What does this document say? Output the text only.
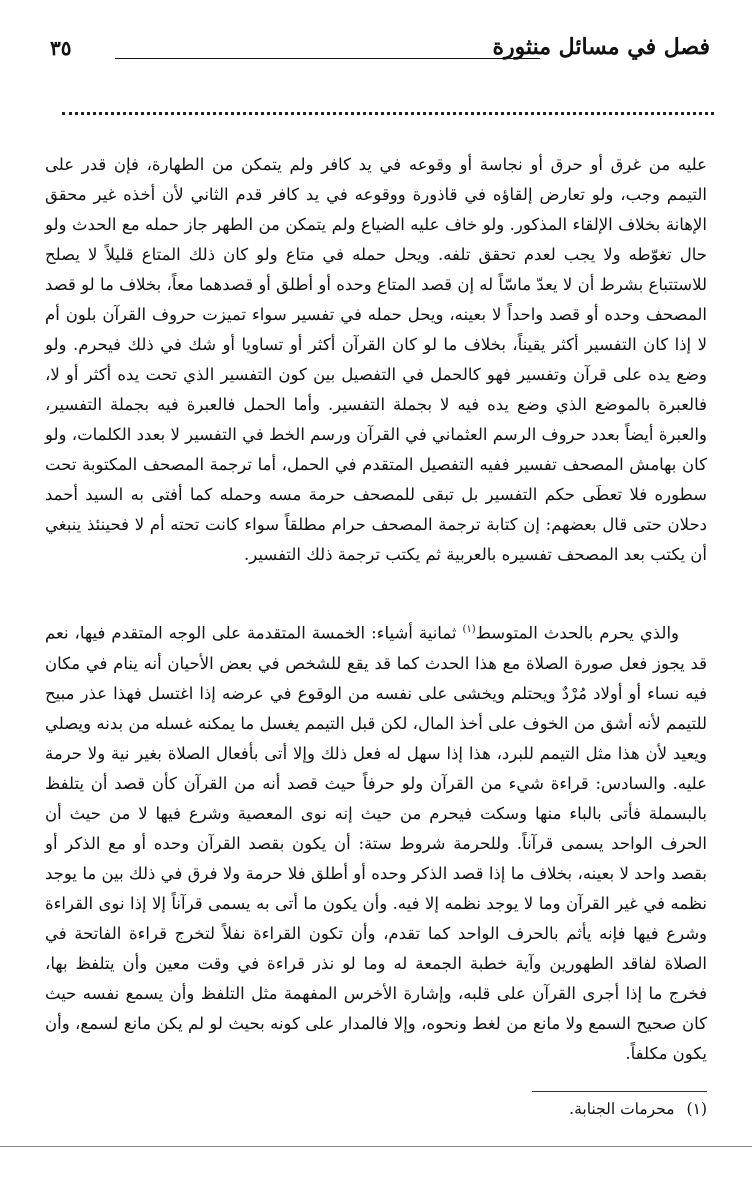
فصل في مسائل منثورة
٣٥

عليه من غرق أو حرق أو نجاسة أو وقوعه في يد كافر ولم يتمكن من الطهارة، فإن قدر على التيمم وجب، ولو تعارض إلقاؤه في قاذورة ووقوعه في يد كافر قدم الثاني لأن أخذه غير محقق الإهانة بخلاف الإلقاء المذكور. ولو خاف عليه الضياع ولم يتمكن من الطهر جاز حمله مع الحدث ولو حال تغوّطه ولا يجب لعدم تحقق تلفه. ويحل حمله في متاع ولو كان ذلك المتاع قليلاً لا يصلح للاستتباع بشرط أن لا يعدّ ماسّاً له إن قصد المتاع وحده أو أطلق أو قصدهما معاً، بخلاف ما لو قصد المصحف وحده أو قصد واحداً لا بعينه، ويحل حمله في تفسير سواء تميزت حروف القرآن بلون أم لا إذا كان التفسير أكثر يقيناً، بخلاف ما لو كان القرآن أكثر أو تساويا أو شك في ذلك فيحرم. ولو وضع يده على قرآن وتفسير فهو كالحمل في التفصيل بين كون التفسير الذي تحت يده أكثر أو لا، فالعبرة بالموضع الذي وضع يده فيه لا بجملة التفسير. وأما الحمل فالعبرة فيه بجملة التفسير، والعبرة أيضاً بعدد حروف الرسم العثماني في القرآن ورسم الخط في التفسير لا بعدد الكلمات، ولو كان بهامش المصحف تفسير ففيه التفصيل المتقدم في الحمل، أما ترجمة المصحف المكتوبة تحت سطوره فلا تعطَى حكم التفسير بل تبقى للمصحف حرمة مسه وحمله كما أفتى به السيد أحمد دحلان حتى قال بعضهم: إن كتابة ترجمة المصحف حرام مطلقاً سواء كانت تحته أم لا فحينئذ ينبغي أن يكتب بعد المصحف تفسيره بالعربية ثم يكتب ترجمة ذلك التفسير.

والذي يحرم بالحدث المتوسط$^{(١)}$ ثمانية أشياء: الخمسة المتقدمة على الوجه المتقدم فيها، نعم قد يجوز فعل صورة الصلاة مع هذا الحدث كما قد يقع للشخص في بعض الأحيان أنه ينام في مكان فيه نساء أو أولاد مُرْدٌ ويحتلم ويخشى على نفسه من الوقوع في عرضه إذا اغتسل فهذا عذر مبيح للتيمم لأنه أشق من الخوف على أخذ المال، لكن قبل التيمم يغسل ما يمكنه غسله من بدنه ويصلي ويعيد لأن هذا مثل التيمم للبرد، هذا إذا سهل له فعل ذلك وإلا أتى بأفعال الصلاة بغير نية ولا حرمة عليه. والسادس: قراءة شيء من القرآن ولو حرفاً حيث قصد أنه من القرآن كأن قصد أن يتلفظ بالبسملة فأتى بالباء منها وسكت فيحرم من حيث إنه نوى المعصية وشرع فيها لا من حيث أن الحرف الواحد يسمى قرآناً. وللحرمة شروط ستة: أن يكون بقصد القرآن وحده أو مع الذكر أو بقصد واحد لا بعينه، بخلاف ما إذا قصد الذكر وحده أو أطلق فلا حرمة ولا فرق في ذلك بين ما يوجد نظمه في غير القرآن وما لا يوجد نظمه إلا فيه. وأن يكون ما أتى به يسمى قرآناً إلا إذا نوى القراءة وشرع فيها فإنه يأثم بالحرف الواحد كما تقدم، وأن تكون القراءة نفلاً لتخرج قراءة الفاتحة في الصلاة لفاقد الطهورين وآية خطبة الجمعة له وما لو نذر قراءة في وقت معين وأن يتلفظ بها، فخرج ما إذا أجرى القرآن على قلبه، وإشارة الأخرس المفهمة مثل التلفظ وأن يسمع نفسه حيث كان صحيح السمع ولا مانع من لغط ونحوه، وإلا فالمدار على كونه بحيث لو لم يكن مانع لسمع، وأن يكون مكلفاً.

(١)محرمات الجنابة.
